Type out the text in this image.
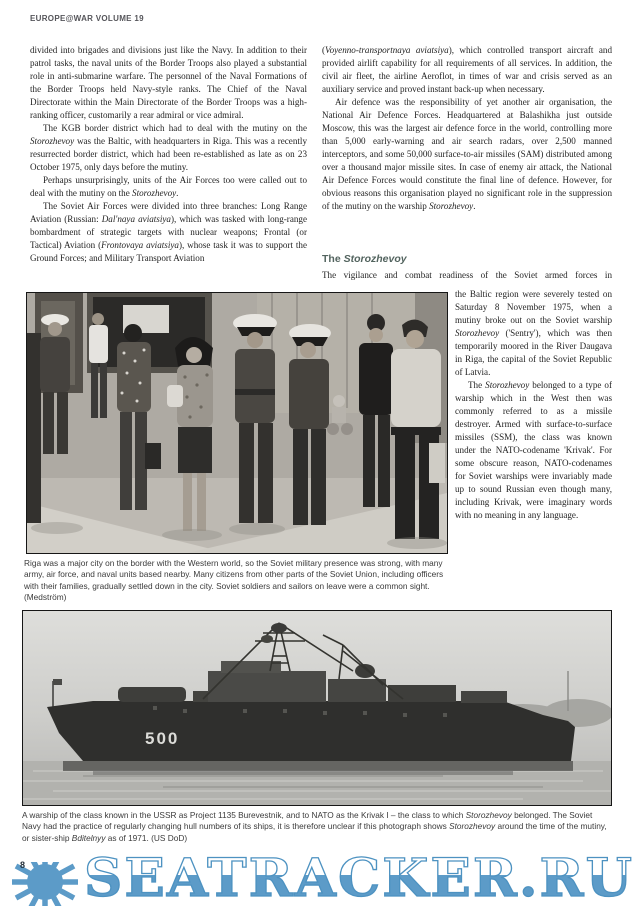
EUROPE@WAR VOLUME 19

divided into brigades and divisions just like the Navy. In addition to their patrol tasks, the naval units of the Border Troops also played a substantial role in anti-submarine warfare. The personnel of the Naval Formations of the Border Troops held Navy-style ranks. The Chief of the Naval Directorate within the Main Directorate of the Border Troops was a high-ranking officer, customarily a rear admiral or vice admiral.

The KGB border district which had to deal with the mutiny on the Storozhevoy was the Baltic, with headquarters in Riga. This was a recently resurrected border district, which had been re-established as late as on 23 October 1975, only days before the mutiny.

Perhaps unsurprisingly, units of the Air Forces too were called out to deal with the mutiny on the Storozhevoy.

The Soviet Air Forces were divided into three branches: Long Range Aviation (Russian: Dal'naya aviatsiya), which was tasked with long-range bombardment of strategic targets with nuclear weapons; Frontal (or Tactical) Aviation (Frontovaya aviatsiya), whose task it was to support the Ground Forces; and Military Transport Aviation

(Voyenno-transportnaya aviatsiya), which controlled transport aircraft and provided airlift capability for all requirements of all services. In addition, the civil air fleet, the airline Aeroflot, in times of war and crisis served as an auxiliary service and proved instant back-up when necessary.

Air defence was the responsibility of yet another air organisation, the National Air Defence Forces. Headquartered at Balashikha just outside Moscow, this was the largest air defence force in the world, controlling more than 5,000 early-warning and air search radars, over 2,500 manned interceptors, and some 50,000 surface-to-air missiles (SAM) distributed among over a thousand major missile sites. In case of enemy air attack, the National Air Defence Forces would constitute the final line of defence. However, for obvious reasons this organisation played no significant role in the suppression of the mutiny on the warship Storozhevoy.

The Storozhevoy
The vigilance and combat readiness of the Soviet armed forces in

the Baltic region were severely tested on Saturday 8 November 1975, when a mutiny broke out on the Soviet warship Storozhevoy ('Sentry'), which was then temporarily moored in the River Daugava in Riga, the capital of the Soviet Republic of Latvia.

The Storozhevoy belonged to a type of warship which in the West then was commonly referred to as a missile destroyer. Armed with surface-to-surface missiles (SSM), the class was known under the NATO-codename 'Krivak'. For some obscure reason, NATO-codenames for Soviet warships were invariably made up to sound Russian even though many, including Krivak, were imaginary words with no meaning in any language.

Riga was a major city on the border with the Western world, so the Soviet military presence was strong, with many army, air force, and naval units based nearby. Many citizens from other parts of the Soviet Union, including officers with their families, gradually settled down in the city. Soviet soldiers and sailors on leave were a common sight. (Medström)
500
A warship of the class known in the USSR as Project 1135 Burevestnik, and to NATO as the Krivak I – the class to which Storozhevoy belonged. The Soviet Navy had the practice of regularly changing hull numbers of its ships, it is therefore unclear if this photograph shows Storozhevoy around the time of the mutiny, or sister-ship Bditelnyy as of 1971. (US DoD)
SEATRACKER.RU
8
